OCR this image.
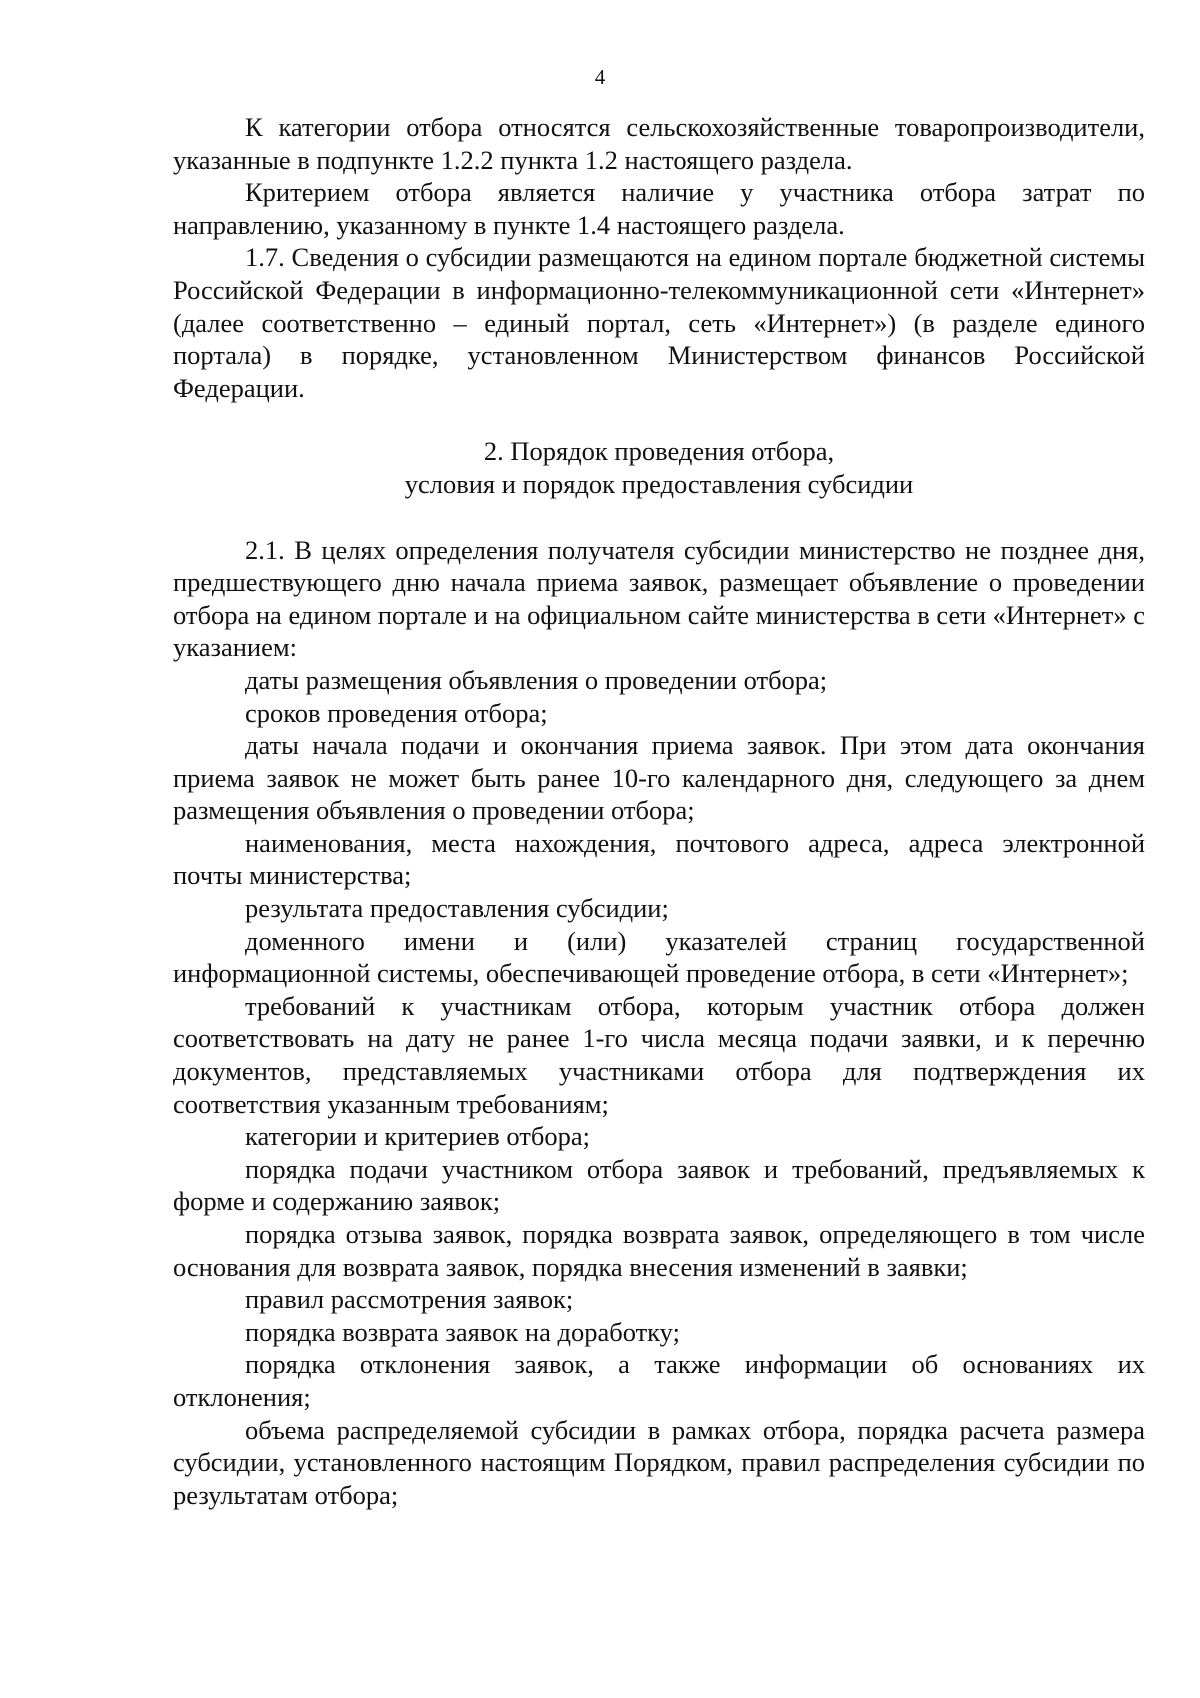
4

К категории отбора относятся сельскохозяйственные товаропроизводители, указанные в подпункте 1.2.2 пункта 1.2 настоящего раздела.

Критерием отбора является наличие у участника отбора затрат по направлению, указанному в пункте 1.4 настоящего раздела.

1.7. Сведения о субсидии размещаются на едином портале бюджетной системы Российской Федерации в информационно-телекоммуникационной сети «Интернет» (далее соответственно – единый портал, сеть «Интернет») (в разделе единого портала) в порядке, установленном Министерством финансов Российской Федерации.

2. Порядок проведения отбора,

условия и порядок предоставления субсидии

2.1. В целях определения получателя субсидии министерство не позднее дня, предшествующего дню начала приема заявок, размещает объявление о проведении отбора на едином портале и на официальном сайте министерства в сети «Интернет» с указанием:

даты размещения объявления о проведении отбора;

сроков проведения отбора;

даты начала подачи и окончания приема заявок. При этом дата окончания приема заявок не может быть ранее 10-го календарного дня, следующего за днем размещения объявления о проведении отбора;

наименования, места нахождения, почтового адреса, адреса электронной почты министерства;

результата предоставления субсидии;

доменного имени и (или) указателей страниц государственной информационной системы, обеспечивающей проведение отбора, в сети «Интернет»;

требований к участникам отбора, которым участник отбора должен соответствовать на дату не ранее 1-го числа месяца подачи заявки, и к перечню документов, представляемых участниками отбора для подтверждения их соответствия указанным требованиям;

категории и критериев отбора;

порядка подачи участником отбора заявок и требований, предъявляемых к форме и содержанию заявок;

порядка отзыва заявок, порядка возврата заявок, определяющего в том числе основания для возврата заявок, порядка внесения изменений в заявки;

правил рассмотрения заявок;

порядка возврата заявок на доработку;

порядка отклонения заявок, а также информации об основаниях их отклонения;

объема распределяемой субсидии в рамках отбора, порядка расчета размера субсидии, установленного настоящим Порядком, правил распределения субсидии по результатам отбора;
